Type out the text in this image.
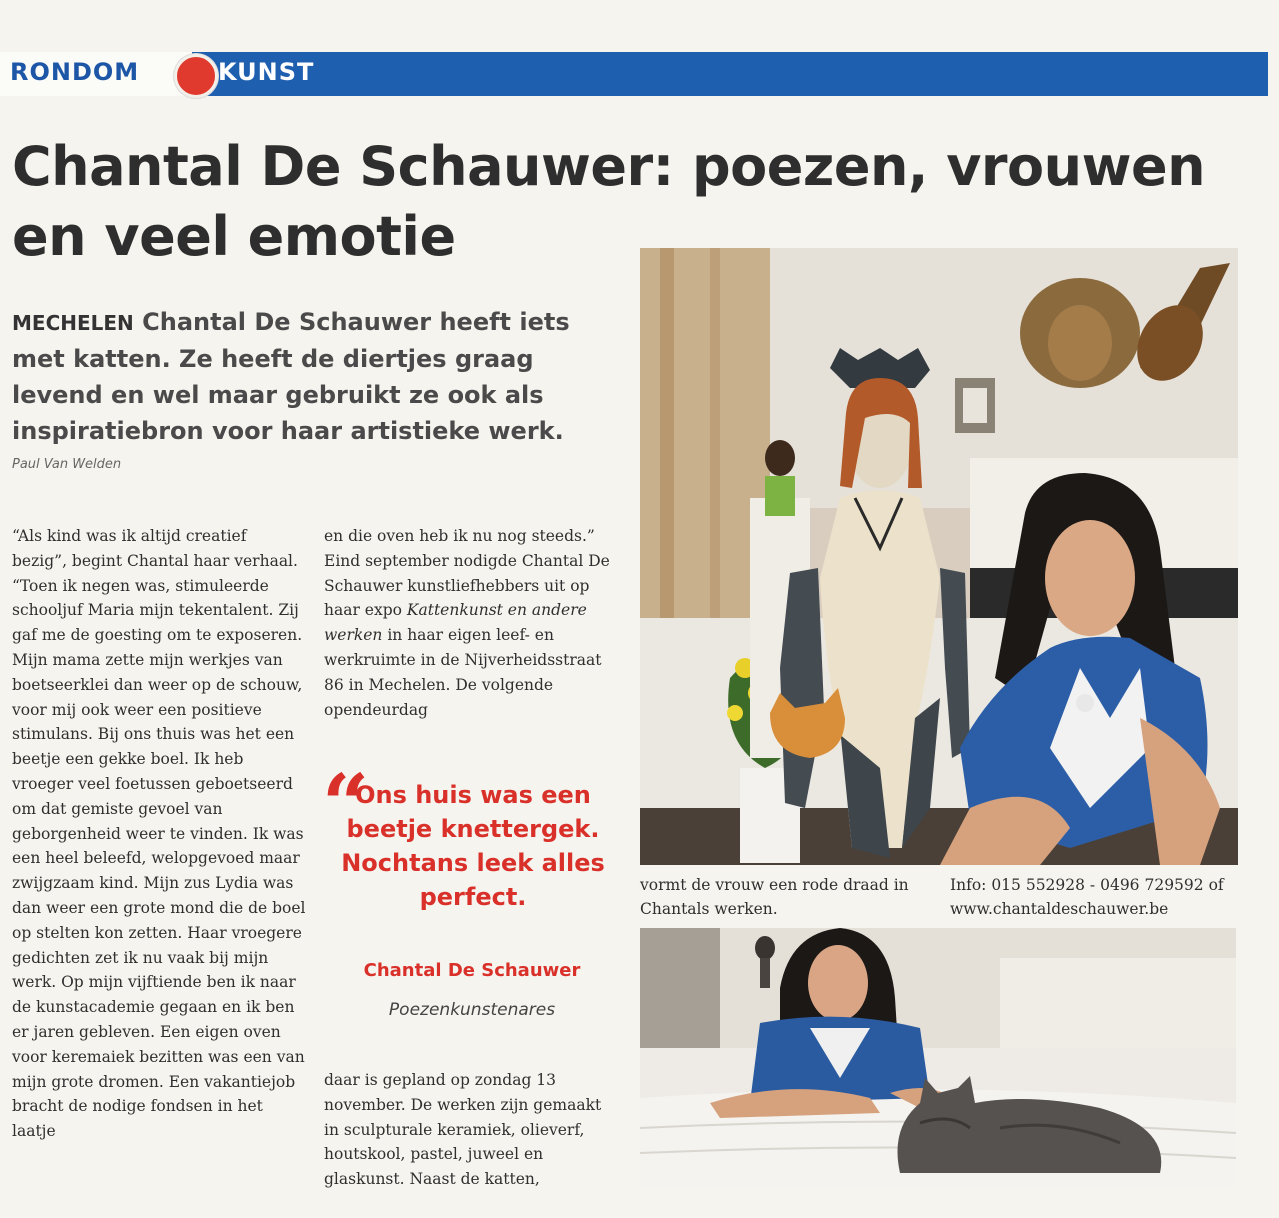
RONDOM	KUNST
Chantal De Schauwer: poezen, vrouwen en veel emotie
MECHELEN Chantal De Schauwer heeft iets met katten. Ze heeft de diertjes graag levend en wel maar gebruikt ze ook als inspiratiebron voor haar artistieke werk.
Paul Van Welden

“Als kind was ik altijd creatief bezig”, begint Chantal haar verhaal. “Toen ik negen was, stimuleerde schooljuf Maria mijn tekentalent. Zij gaf me de goesting om te exposeren. Mijn mama zette mijn werkjes van boetseerklei dan weer op de schouw, voor mij ook weer een positieve stimulans. Bij ons thuis was het een beetje een gekke boel. Ik heb vroeger veel foetussen geboetseerd om dat gemiste gevoel van geborgenheid weer te vinden. Ik was een heel beleefd, welopgevoed maar zwijgzaam kind. Mijn zus Lydia was dan weer een grote mond die de boel op stelten kon zetten. Haar vroegere gedichten zet ik nu vaak bij mijn werk. Op mijn vijftiende ben ik naar de kunstacademie gegaan en ik ben er jaren gebleven. Een eigen oven voor keremaiek bezitten was een van mijn grote dromen. Een vakantiejob bracht de nodige fondsen in het laatje

en die oven heb ik nu nog steeds.”

Eind september nodigde Chantal De Schauwer kunstliefhebbers uit op haar expo Kattenkunst en andere werken in haar eigen leef- en werkruimte in de Nijverheidsstraat 86 in Mechelen. De volgende opendeurdag

“
Ons huis was een beetje knettergek. Nochtans leek alles perfect.
Chantal De Schauwer
Poezenkunstenares

daar is gepland op zondag 13 november. De werken zijn gemaakt in sculpturale keramiek, olieverf, houtskool, pastel, juweel en glaskunst. Naast de katten,

vormt de vrouw een rode draad in Chantals werken.
Info: 015 552928 - 0496 729592 of www.chantaldeschauwer.be
